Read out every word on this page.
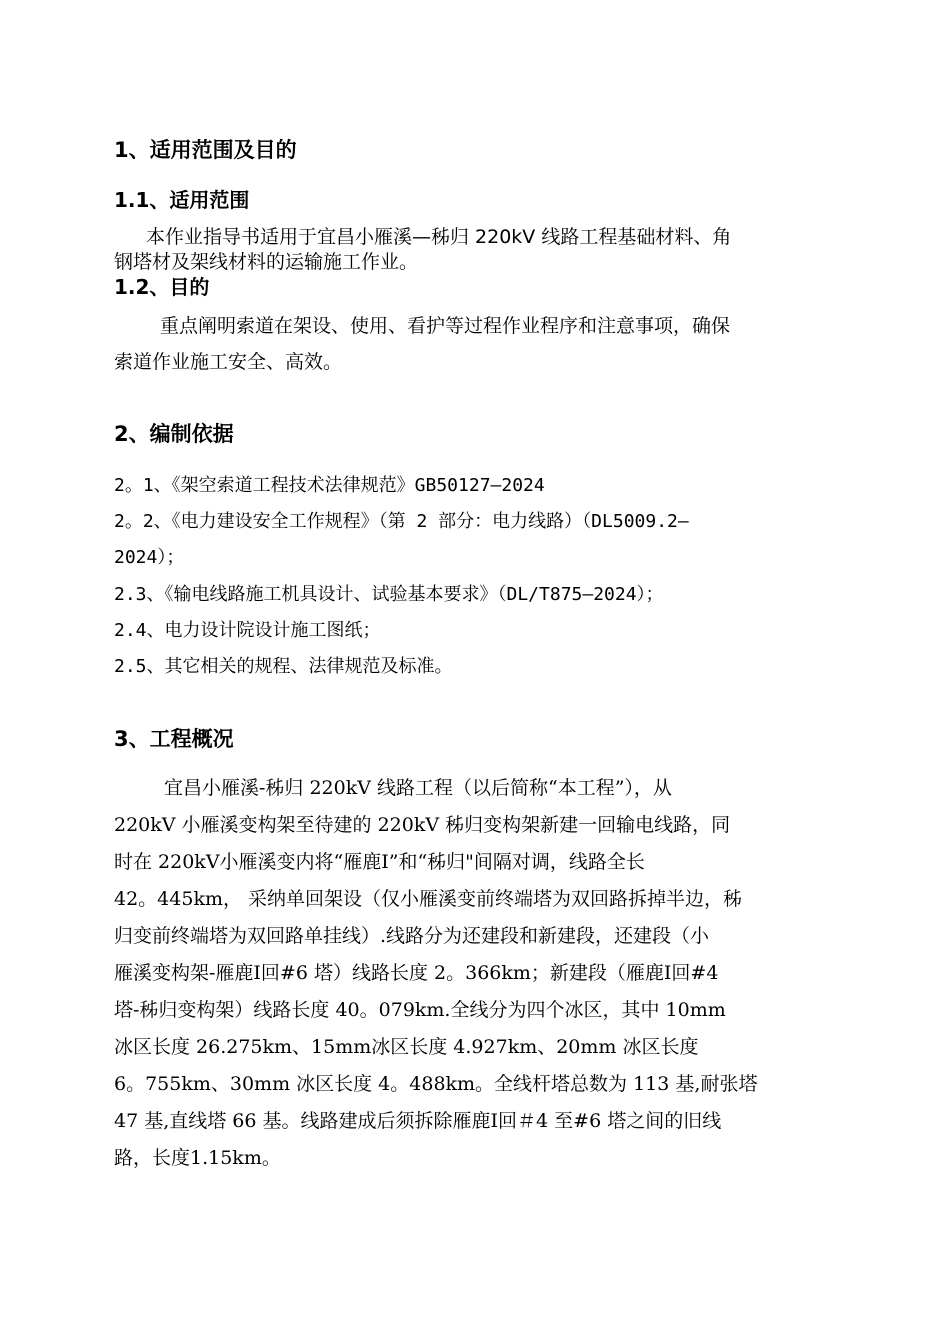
1、适用范围及目的
1.1、适用范围
本作业指导书适用于宜昌小雁溪—秭归 220kV 线路工程基础材料、角
钢塔材及架线材料的运输施工作业。
1.2、目的
重点阐明索道在架设、使用、看护等过程作业程序和注意事项，确保
索道作业施工安全、高效。
2、编制依据
2。1、《架空索道工程技术法律规范》GB50127—2024
2。2、《电力建设安全工作规程》（第 2 部分：电力线路）（DL5009.2—
2024）；
2.3、《输电线路施工机具设计、试验基本要求》（DL/T875—2024）；
2.4、电力设计院设计施工图纸；
2.5、其它相关的规程、法律规范及标准。
3、工程概况
宜昌小雁溪-秭归 220kV 线路工程（以后简称“本工程”），从
220kV 小雁溪变构架至待建的 220kV 秭归变构架新建一回输电线路，同
时在 220kV小雁溪变内将“雁鹿Ⅰ”和“秭归"间隔对调，线路全长
42。445km， 采纳单回架设（仅小雁溪变前终端塔为双回路拆掉半边，秭
归变前终端塔为双回路单挂线）.线路分为还建段和新建段，还建段（小
雁溪变构架-雁鹿Ⅰ回#6 塔）线路长度 2。366km；新建段（雁鹿Ⅰ回#4
塔-秭归变构架）线路长度 40。079km.全线分为四个冰区，其中 10mm
冰区长度 26.275km、15mm冰区长度 4.927km、20mm 冰区长度
6。755km、30mm 冰区长度 4。488km。全线杆塔总数为 113 基,耐张塔
47 基,直线塔 66 基。线路建成后须拆除雁鹿Ⅰ回＃4 至#6 塔之间的旧线
路，长度1.15km。
